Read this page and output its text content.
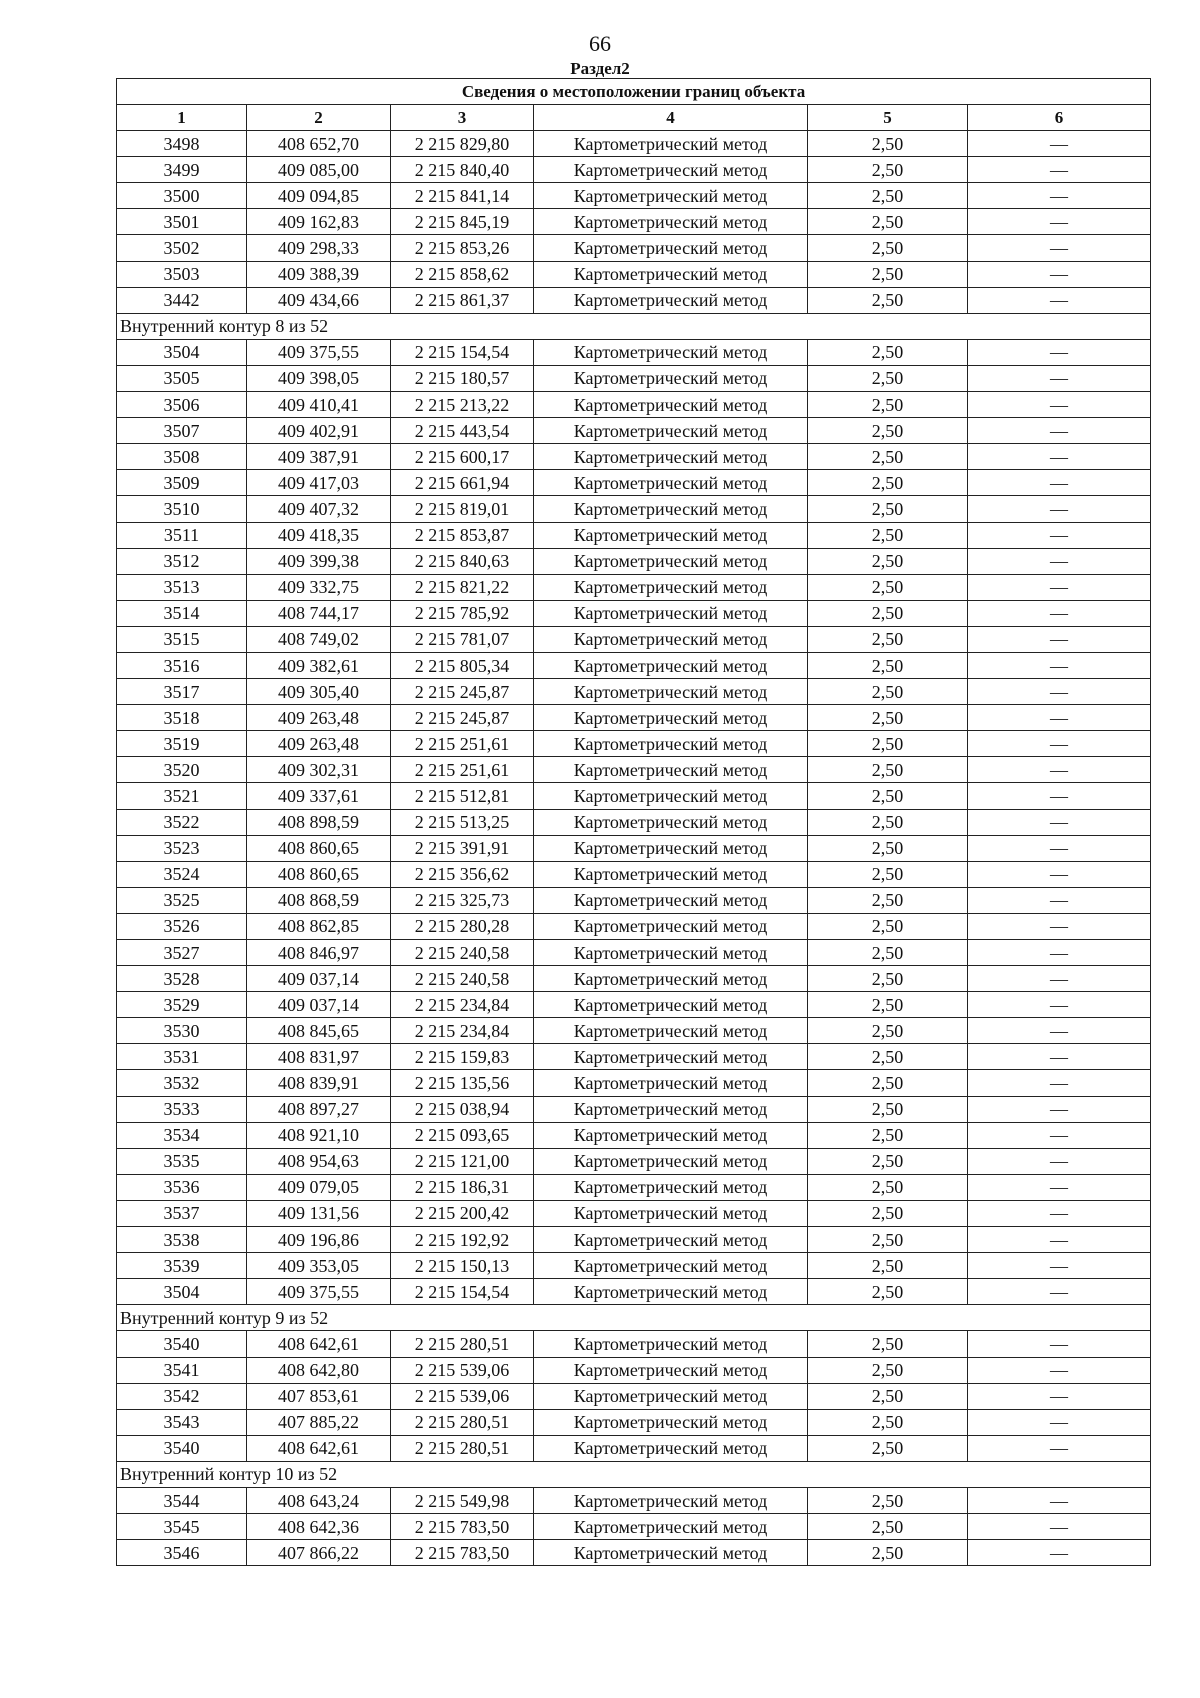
66
Раздел2
Сведения о местоположении границ объекта					
1	2	3	4	5	6
3498	408 652,70	2 215 829,80	Картометрический метод	2,50	—
3499	409 085,00	2 215 840,40	Картометрический метод	2,50	—
3500	409 094,85	2 215 841,14	Картометрический метод	2,50	—
3501	409 162,83	2 215 845,19	Картометрический метод	2,50	—
3502	409 298,33	2 215 853,26	Картометрический метод	2,50	—
3503	409 388,39	2 215 858,62	Картометрический метод	2,50	—
3442	409 434,66	2 215 861,37	Картометрический метод	2,50	—
Внутренний контур 8 из 52					
3504	409 375,55	2 215 154,54	Картометрический метод	2,50	—
3505	409 398,05	2 215 180,57	Картометрический метод	2,50	—
3506	409 410,41	2 215 213,22	Картометрический метод	2,50	—
3507	409 402,91	2 215 443,54	Картометрический метод	2,50	—
3508	409 387,91	2 215 600,17	Картометрический метод	2,50	—
3509	409 417,03	2 215 661,94	Картометрический метод	2,50	—
3510	409 407,32	2 215 819,01	Картометрический метод	2,50	—
3511	409 418,35	2 215 853,87	Картометрический метод	2,50	—
3512	409 399,38	2 215 840,63	Картометрический метод	2,50	—
3513	409 332,75	2 215 821,22	Картометрический метод	2,50	—
3514	408 744,17	2 215 785,92	Картометрический метод	2,50	—
3515	408 749,02	2 215 781,07	Картометрический метод	2,50	—
3516	409 382,61	2 215 805,34	Картометрический метод	2,50	—
3517	409 305,40	2 215 245,87	Картометрический метод	2,50	—
3518	409 263,48	2 215 245,87	Картометрический метод	2,50	—
3519	409 263,48	2 215 251,61	Картометрический метод	2,50	—
3520	409 302,31	2 215 251,61	Картометрический метод	2,50	—
3521	409 337,61	2 215 512,81	Картометрический метод	2,50	—
3522	408 898,59	2 215 513,25	Картометрический метод	2,50	—
3523	408 860,65	2 215 391,91	Картометрический метод	2,50	—
3524	408 860,65	2 215 356,62	Картометрический метод	2,50	—
3525	408 868,59	2 215 325,73	Картометрический метод	2,50	—
3526	408 862,85	2 215 280,28	Картометрический метод	2,50	—
3527	408 846,97	2 215 240,58	Картометрический метод	2,50	—
3528	409 037,14	2 215 240,58	Картометрический метод	2,50	—
3529	409 037,14	2 215 234,84	Картометрический метод	2,50	—
3530	408 845,65	2 215 234,84	Картометрический метод	2,50	—
3531	408 831,97	2 215 159,83	Картометрический метод	2,50	—
3532	408 839,91	2 215 135,56	Картометрический метод	2,50	—
3533	408 897,27	2 215 038,94	Картометрический метод	2,50	—
3534	408 921,10	2 215 093,65	Картометрический метод	2,50	—
3535	408 954,63	2 215 121,00	Картометрический метод	2,50	—
3536	409 079,05	2 215 186,31	Картометрический метод	2,50	—
3537	409 131,56	2 215 200,42	Картометрический метод	2,50	—
3538	409 196,86	2 215 192,92	Картометрический метод	2,50	—
3539	409 353,05	2 215 150,13	Картометрический метод	2,50	—
3504	409 375,55	2 215 154,54	Картометрический метод	2,50	—
Внутренний контур 9 из 52					
3540	408 642,61	2 215 280,51	Картометрический метод	2,50	—
3541	408 642,80	2 215 539,06	Картометрический метод	2,50	—
3542	407 853,61	2 215 539,06	Картометрический метод	2,50	—
3543	407 885,22	2 215 280,51	Картометрический метод	2,50	—
3540	408 642,61	2 215 280,51	Картометрический метод	2,50	—
Внутренний контур 10 из 52					
3544	408 643,24	2 215 549,98	Картометрический метод	2,50	—
3545	408 642,36	2 215 783,50	Картометрический метод	2,50	—
3546	407 866,22	2 215 783,50	Картометрический метод	2,50	—
